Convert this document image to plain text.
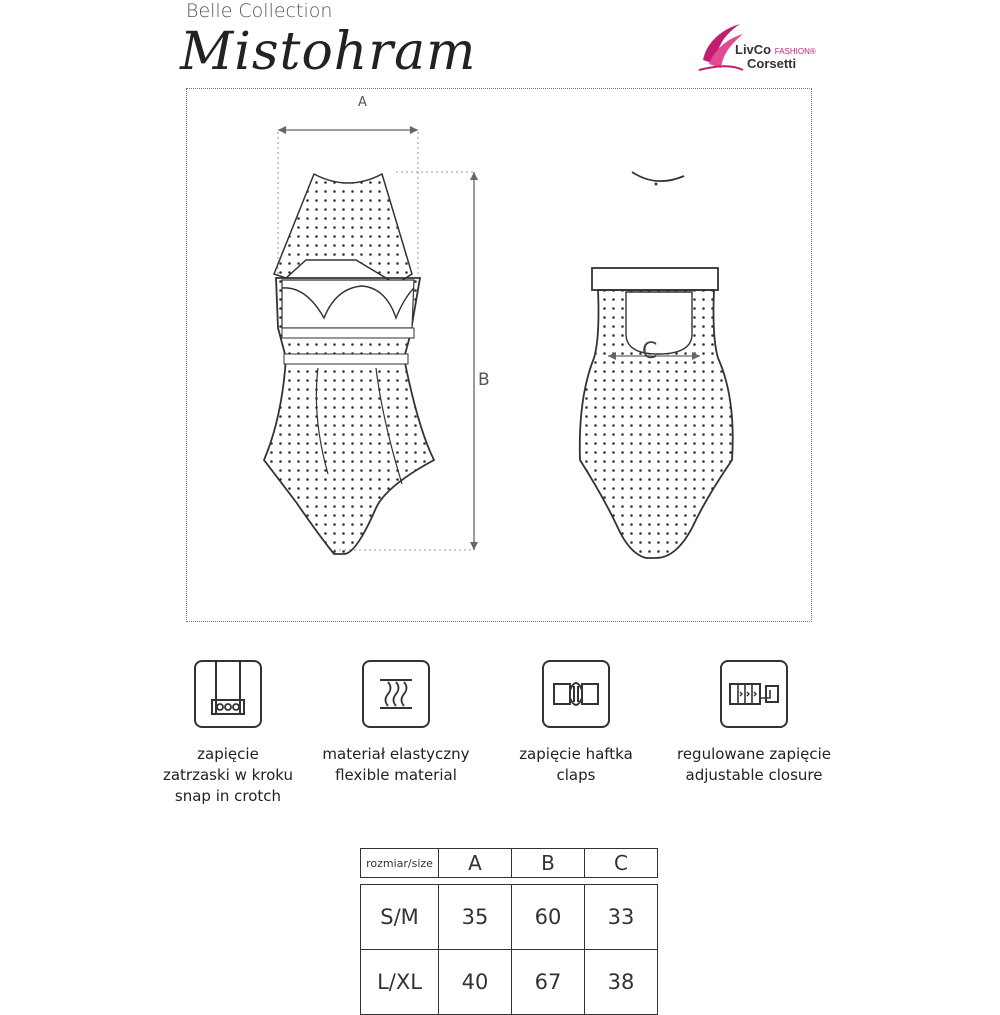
Belle Collection
Mistohram	LivCo FASHION®
Corsetti
A
B
C
zapięcie
zatrzaski w kroku
snap in crotch
materiał elastyczny
flexible material
zapięcie haftka
claps
regulowane zapięcie
adjustable closure
rozmiar/size	A	B	C

S/M	35	60	33
L/XL	40	67	38
